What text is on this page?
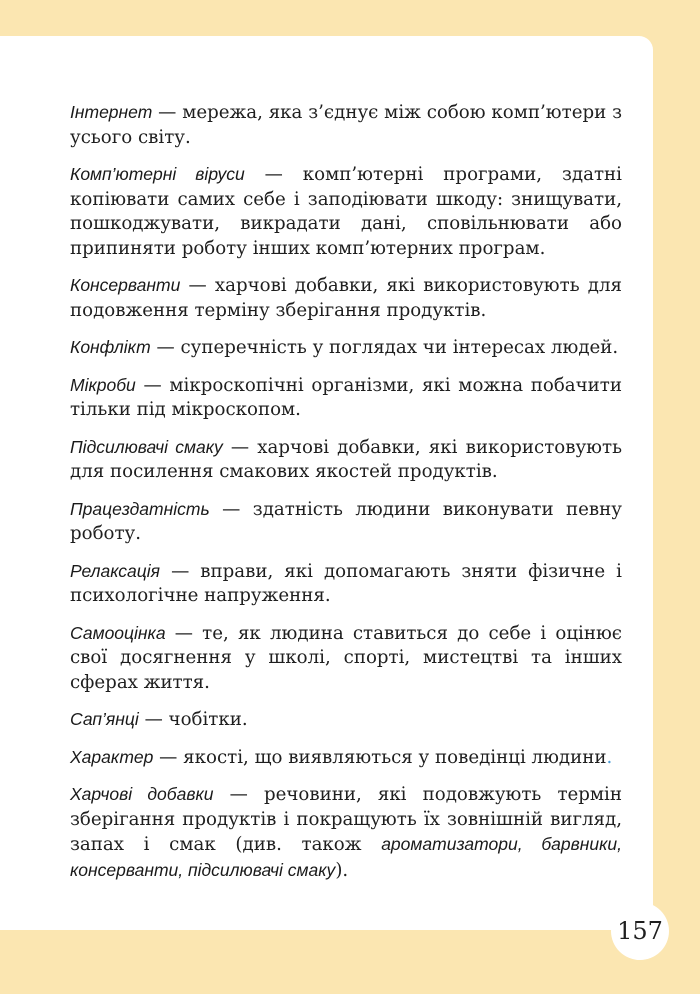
Інтернет — мережа, яка з’єднує між собою комп’ютери з усього світу.

Комп’ютерні віруси — комп’ютерні програми, здатні копіювати самих себе і заподіювати шкоду: знищувати, пошкоджувати, викрадати дані, сповільнювати або припиняти роботу інших комп’ютерних програм.

Консерванти — харчові добавки, які використовують для подовження терміну зберігання продуктів.

Конфлікт — суперечність у поглядах чи інтересах людей.

Мікроби — мікроскопічні організми, які можна побачити тільки під мікроскопом.

Підсилювачі смаку — харчові добавки, які використовують для посилення смакових якостей продуктів.

Працездатність — здатність людини виконувати певну роботу.

Релаксація — вправи, які допомагають зняти фізичне і психологічне напруження.

Самооцінка — те, як людина ставиться до себе і оцінює свої досягнення у школі, спорті, мистецтві та інших сферах життя.

Сап’янці — чобітки.

Характер — якості, що виявляються у поведінці людини.

Харчові добавки — речовини, які подовжують термін зберігання продуктів і покращують їх зовнішній вигляд, запах і смак (див. також ароматизатори, барвники, консерванти, підсилювачі смаку).

157
